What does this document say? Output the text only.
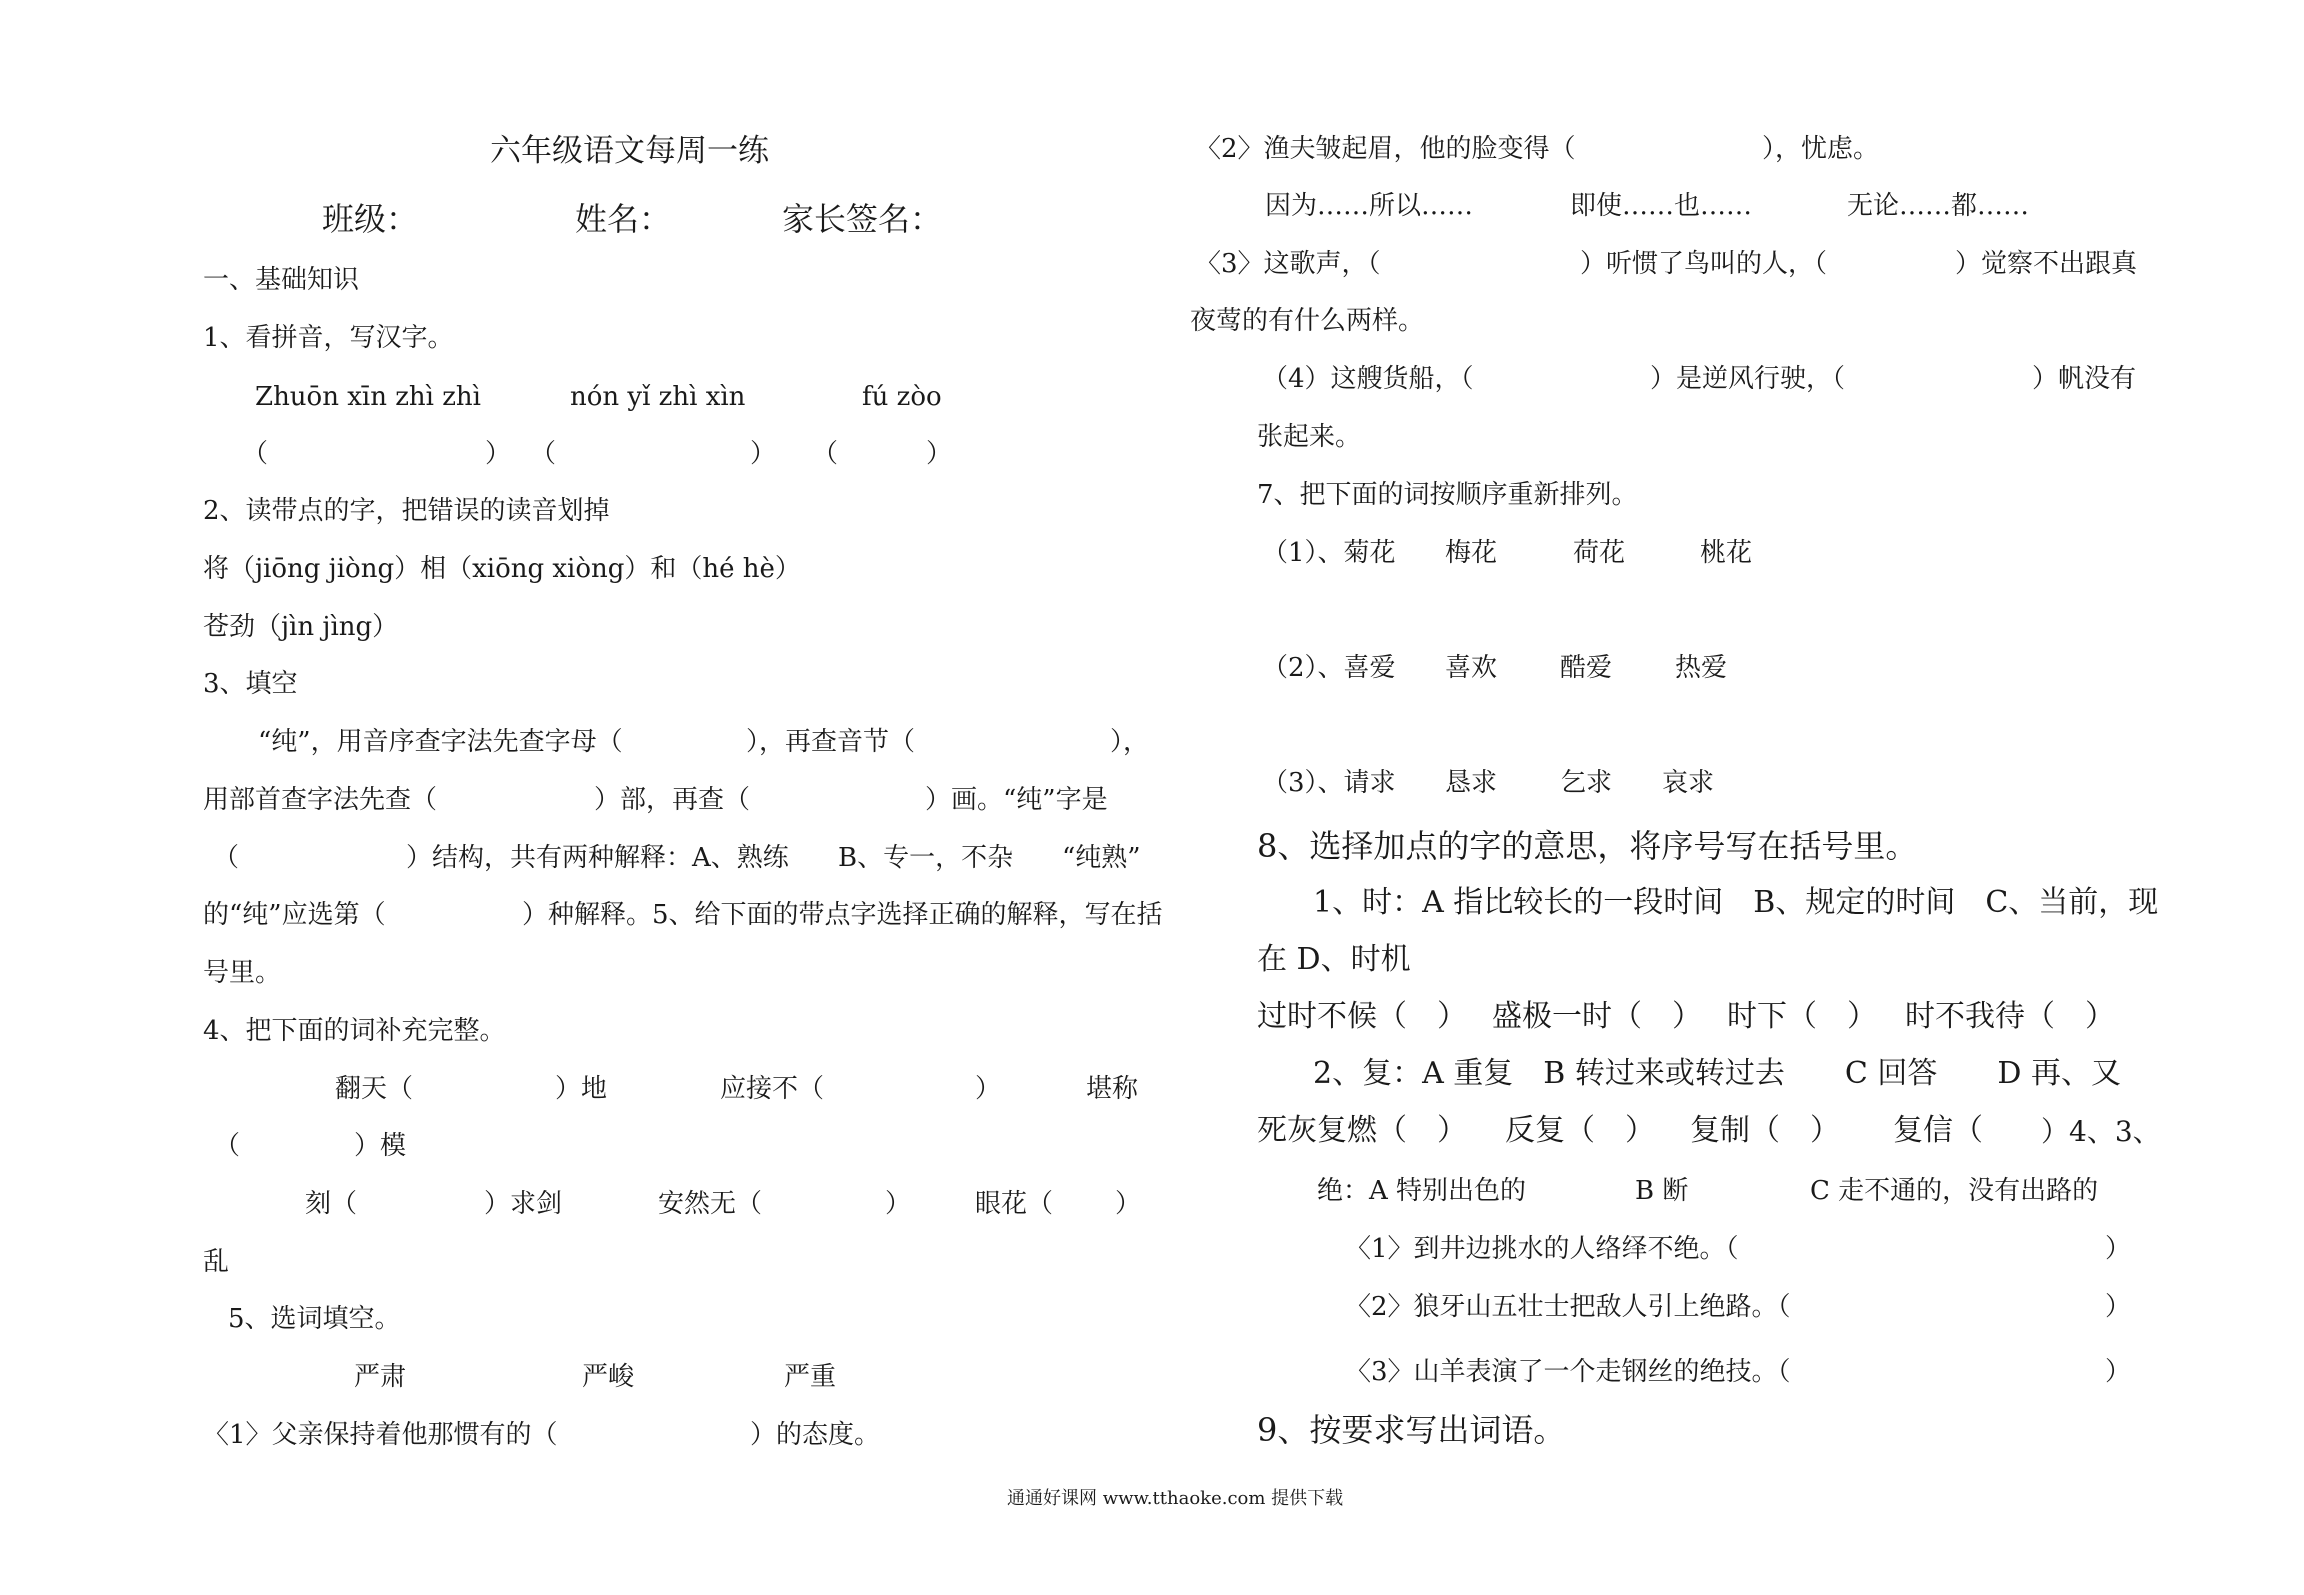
六年级语文每周一练
班级：	姓名：	家长签名：
一、基础知识
1、看拼音，写汉字。
Zhuōn xīn zhì zhì	nón yǐ zhì xìn	fú zòo
（	） （	） （	）
2、读带点的字，把错误的读音划掉
将（jiōng jiòng）相（xiōng xiòng）和（hé hè）
苍劲（jìn jìng）
3、填空
“纯”，用音序查字法先查字母（	），再查音节（	），
用部首查字法先查（	）部，再查（	）画。“纯”字是
（	）结构，共有两种解释：A、熟练 B、专一，不杂 “纯熟”
的“纯”应选第（	）种解释。5、给下面的带点字选择正确的解释，写在括
号里。
4、把下面的词补充完整。
翻天（	）地	应接不（	）	堪称
（	）模
刻（	）求剑	安然无（	） 眼花（ ）
乱
5、选词填空。
严肃	严峻	严重
〈1〉父亲保持着他那惯有的（	）的态度。
〈2〉渔夫皱起眉，他的脸变得（	），忧虑。
因为……所以……	即使……也……	无论……都……
〈3〉这歌声，（	）听惯了鸟叫的人，（	）觉察不出跟真
夜莺的有什么两样。
（4）这艘货船，（	）是逆风行驶，（	）帆没有
张起来。
7、把下面的词按顺序重新排列。
（1）、菊花 梅花	荷花	桃花
（2）、喜爱 喜欢 酷爱 热爱
（3）、请求 恳求 乞求 哀求
8、选择加点的字的意思，将序号写在括号里。
1、时：A 指比较长的一段时间　B、规定的时间　C、当前，现
在 D、时机
过时不候（　） 盛极一时（　） 时下（　） 时不我待（　）
2、复：A 重复　B 转过来或转过去　　C 回答　　D 再、又
死灰复燃（　） 反复（　） 复制（　） 复信（ ）4、3、
绝：A 特别出色的	B 断	C 走不通的，没有出路的
〈1〉到井边挑水的人络绎不绝。（	）
〈2〉狼牙山五壮士把敌人引上绝路。（	）
〈3〉山羊表演了一个走钢丝的绝技。（	）
9、按要求写出词语。
通通好课网 www.tthaoke.com 提供下载
